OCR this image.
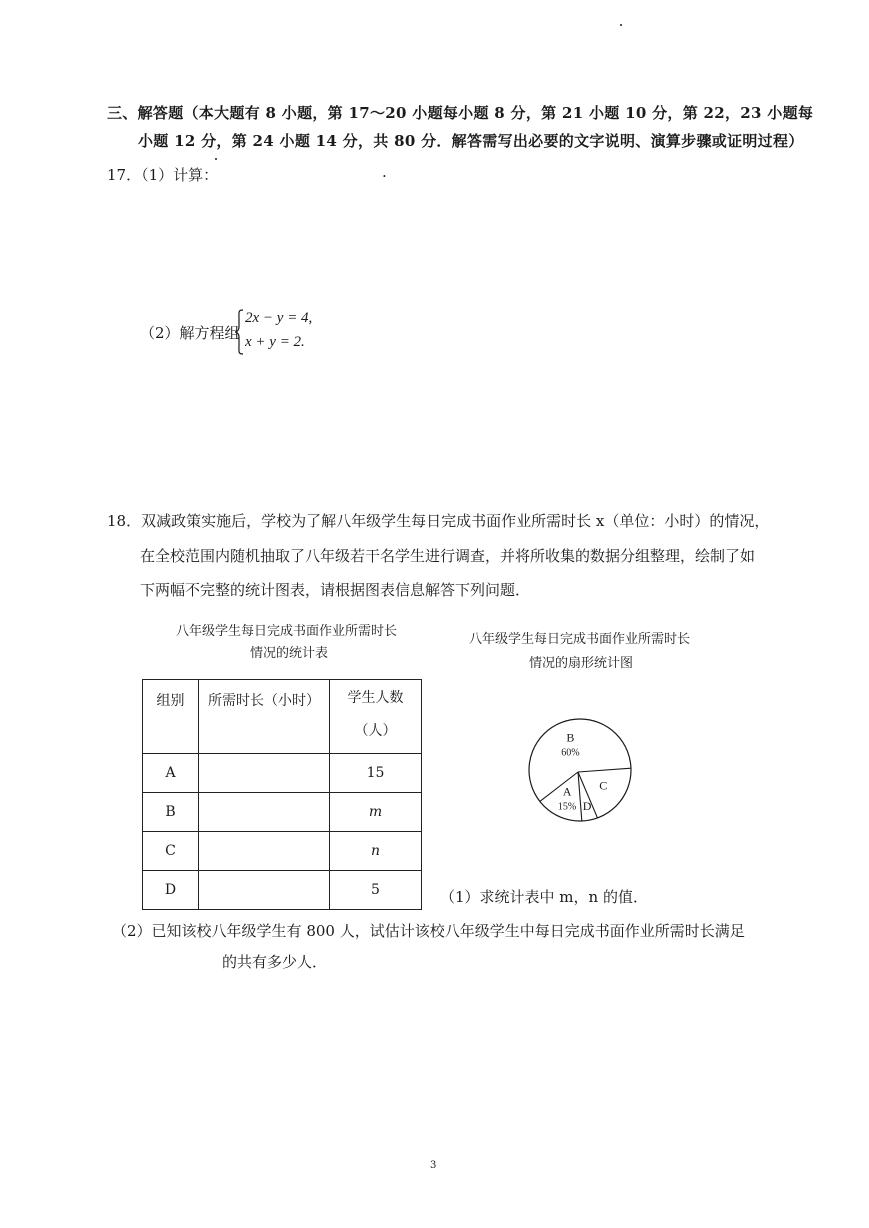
三、解答题（本大题有 8 小题，第 17～20 小题每小题 8 分，第 21 小题 10 分，第 22，23 小题每
小题 12 分，第 24 小题 14 分，共 80 分．解答需写出必要的文字说明、演算步骤或证明过程）
17．（1）计算：	.
（2）解方程组
2x − y = 4,
x + y = 2.
18．双减政策实施后，学校为了解八年级学生每日完成书面作业所需时长 x（单位：小时）的情况，
在全校范围内随机抽取了八年级若干名学生进行调查，并将所收集的数据分组整理，绘制了如
下两幅不完整的统计图表，请根据图表信息解答下列问题．
八年级学生每日完成书面作业所需时长
情况的统计表
组别	所需时长（小时）	学生人数
（人）

A		15
B		m
C		n
D		5
八年级学生每日完成书面作业所需时长
情况的扇形统计图
B
60%
C
D
A
15%
（1）求统计表中 m，n 的值．
（2）已知该校八年级学生有 800 人，试估计该校八年级学生中每日完成书面作业所需时长满足
的共有多少人．
3
